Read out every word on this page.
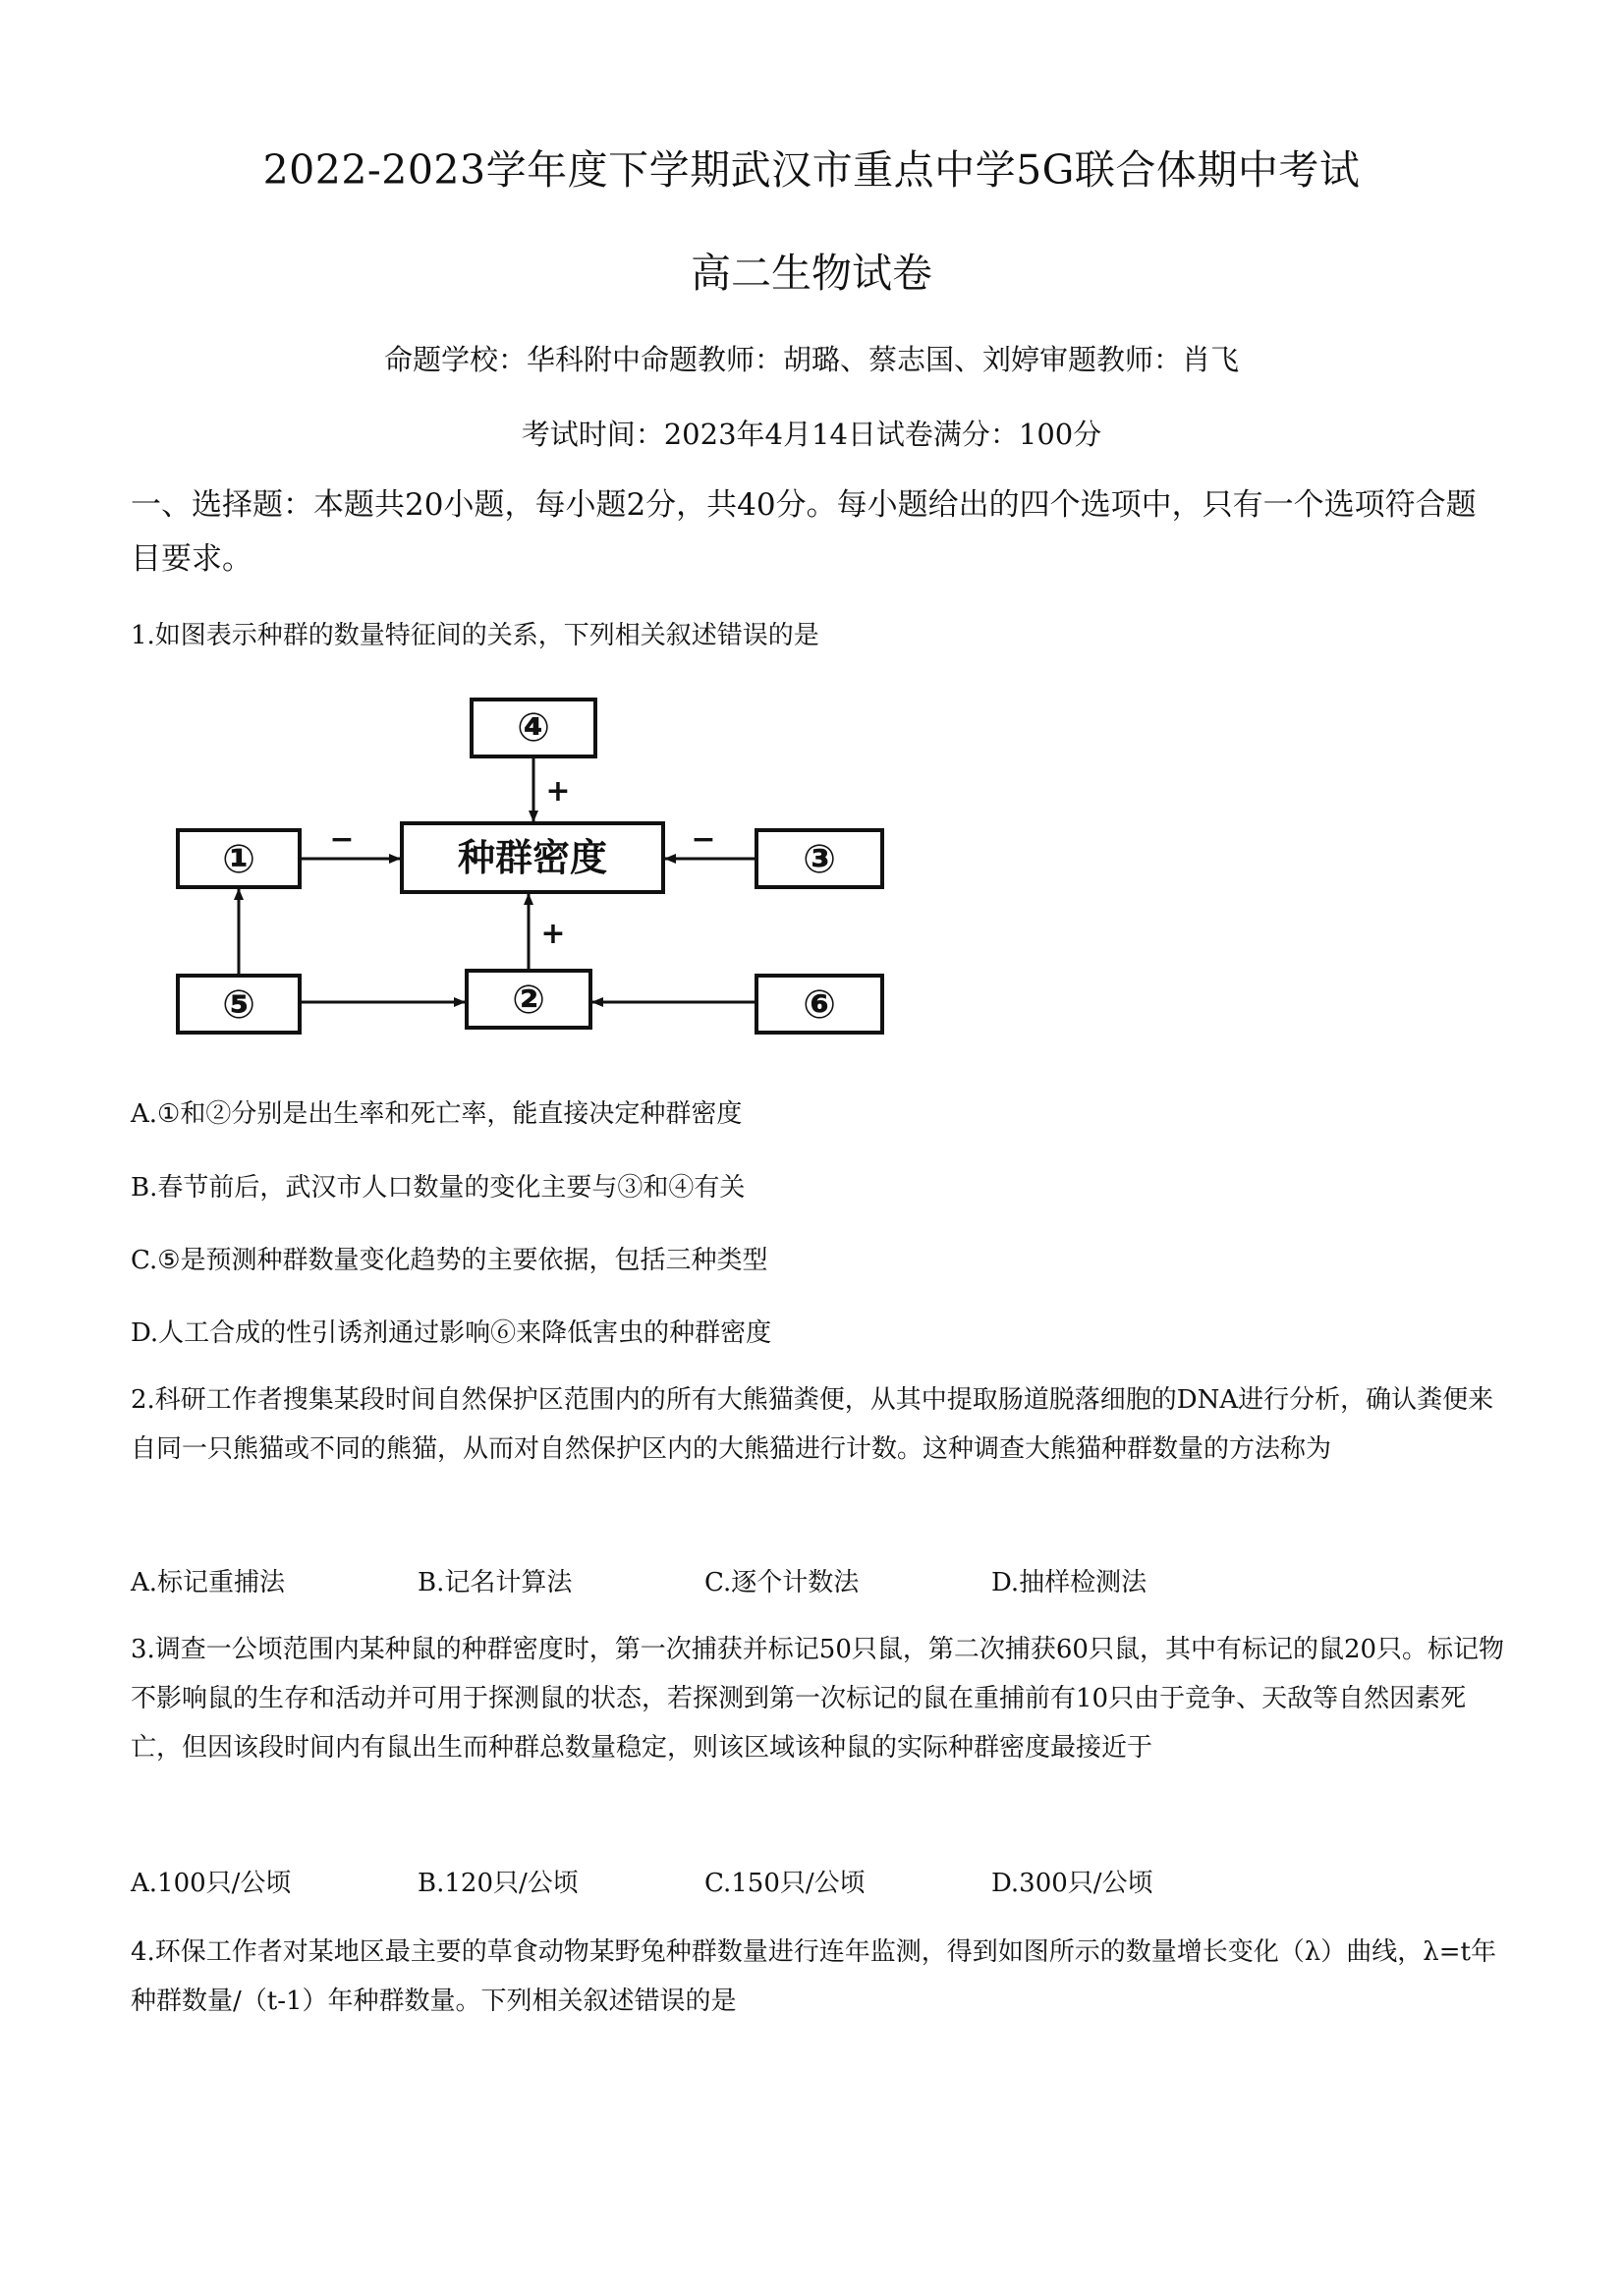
2022-2023学年度下学期武汉市重点中学5G联合体期中考试
高二生物试卷
命题学校：华科附中命题教师：胡璐、蔡志国、刘婷审题教师：肖飞
考试时间：2023年4月14日试卷满分：100分
一、选择题：本题共20小题，每小题2分，共40分。每小题给出的四个选项中，只有一个选项符合题目要求。
1.如图表示种群的数量特征间的关系，下列相关叙述错误的是
④
①	种群密度	③
⑤	②	⑥
+
+
−	−
A.①和②分别是出生率和死亡率，能直接决定种群密度
B.春节前后，武汉市人口数量的变化主要与③和④有关
C.⑤是预测种群数量变化趋势的主要依据，包括三种类型
D.人工合成的性引诱剂通过影响⑥来降低害虫的种群密度
2.科研工作者搜集某段时间自然保护区范围内的所有大熊猫粪便，从其中提取肠道脱落细胞的DNA进行分析，确认粪便来自同一只熊猫或不同的熊猫，从而对自然保护区内的大熊猫进行计数。这种调查大熊猫种群数量的方法称为
A.标记重捕法	B.记名计算法	C.逐个计数法	D.抽样检测法
3.调查一公顷范围内某种鼠的种群密度时，第一次捕获并标记50只鼠，第二次捕获60只鼠，其中有标记的鼠20只。标记物不影响鼠的生存和活动并可用于探测鼠的状态，若探测到第一次标记的鼠在重捕前有10只由于竞争、天敌等自然因素死亡，但因该段时间内有鼠出生而种群总数量稳定，则该区域该种鼠的实际种群密度最接近于
A.100只/公顷	B.120只/公顷	C.150只/公顷	D.300只/公顷
4.环保工作者对某地区最主要的草食动物某野兔种群数量进行连年监测，得到如图所示的数量增长变化（λ）曲线，λ=t年种群数量/（t-1）年种群数量。下列相关叙述错误的是
